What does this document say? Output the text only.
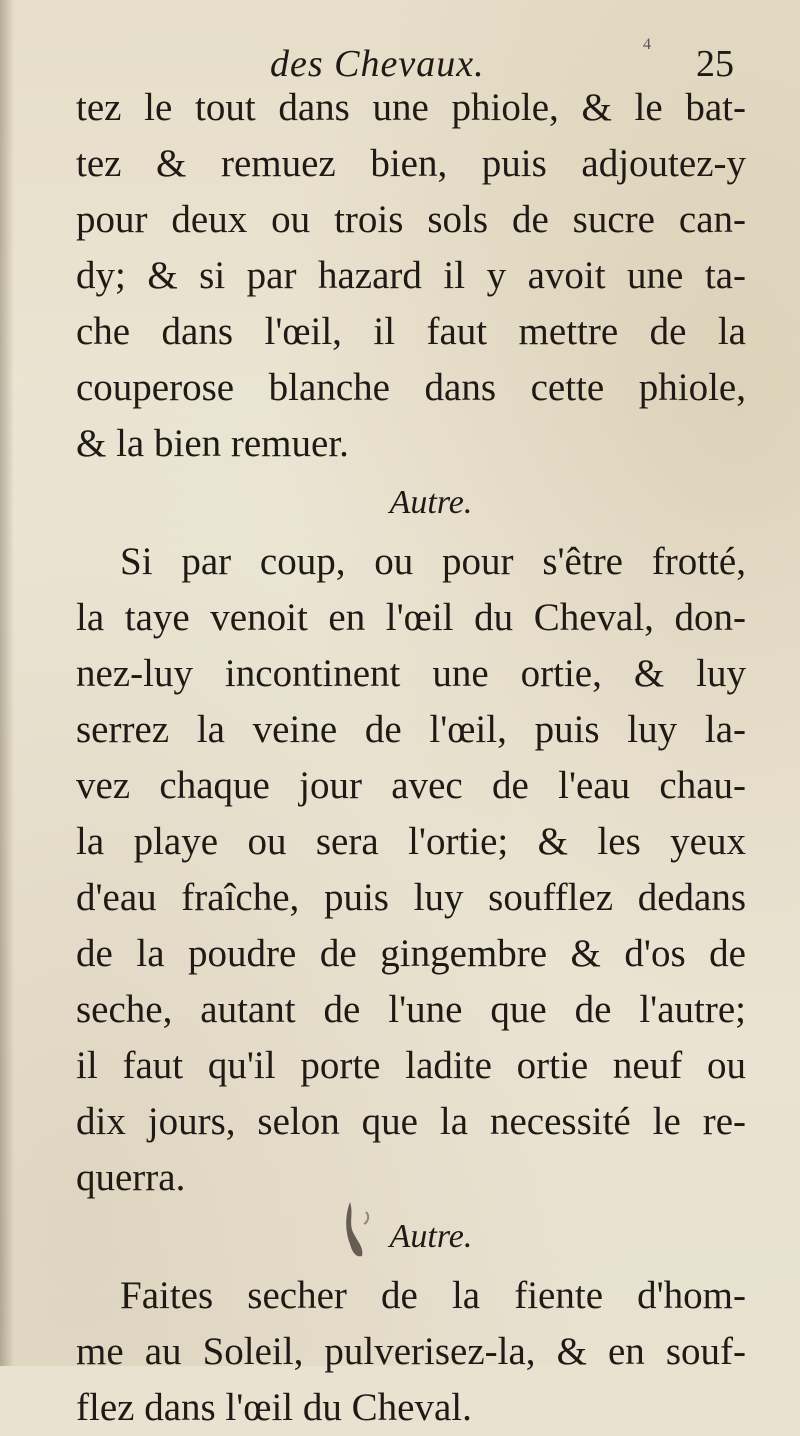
4
des Chevaux.	25
tez le tout dans une phiole, & le bat-
tez & remuez bien, puis adjoutez-y
pour deux ou trois sols de sucre can-
dy; & si par hazard il y avoit une ta-
che dans l'œil, il faut mettre de la
couperose blanche dans cette phiole,
& la bien remuer.
Autre.
Si par coup, ou pour s'être frotté,
la taye venoit en l'œil du Cheval, don-
nez-luy incontinent une ortie, & luy
serrez la veine de l'œil, puis luy la-
vez chaque jour avec de l'eau chau-
la playe ou sera l'ortie; & les yeux
d'eau fraîche, puis luy soufflez dedans
de la poudre de gingembre & d'os de
seche, autant de l'une que de l'autre;
il faut qu'il porte ladite ortie neuf ou
dix jours, selon que la necessité le re-
querra.
Autre.
Faites secher de la fiente d'hom-
me au Soleil, pulverisez-la, & en souf-
flez dans l'œil du Cheval.
